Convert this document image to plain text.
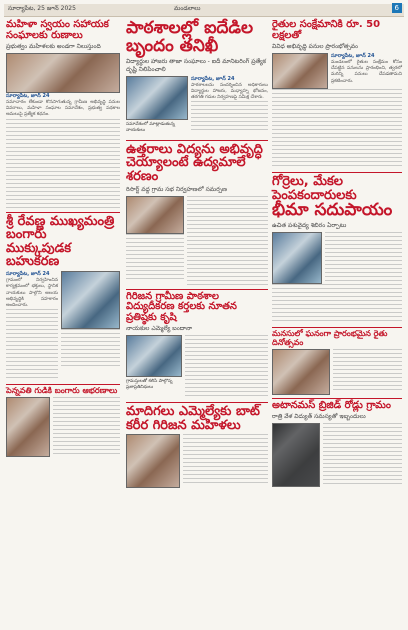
సూర్యాపేట, 25 జూన్ 2025	మండలాలు	6
మహిళా స్వయం సహాయక సంఘాలకు రుణాలు
ప్రభుత్వం మహిళలకు అండగా నిలుస్తుంది
సూర్యాపేట, జూన్ 24

సమాచారం లేకుండా కొనసాగుతున్న గ్రామీణ అభివృద్ధి పనుల వివరాలు, మహిళా సంఘాల సమావేశం, ప్రభుత్వ పథకాల అమలుపై ప్రత్యేక కథనం.

శ్రీ రేవణ్ణ ముఖ్యమంత్రి బంగారు
ముక్కుపుడక బహుకరణ
సూర్యాపేట, జూన్ 24

గ్రామంలో నిర్వహించిన కార్యక్రమంలో భక్తులు, స్థానిక నాయకులు పాల్గొని ఆలయ అభివృద్ధికి సహకారం అందించారు.

పెన్నవతి గుడికి బంగారు ఆభరణాలు
పాఠశాలల్లో ఐదేడిల బృందం తనిఖీ
విద్యార్థుల హాజరు తాజా సంఘాలు - ఐదీ మానిటరింగ్ ప్రత్యేక దృష్టి నిలిపించాలి
సమావేశంలో మాట్లాడుతున్న నాయకులు
సూర్యాపేట, జూన్ 24

పాఠశాలలను సందర్శించిన అధికారులు విద్యార్థుల హాజరు, మధ్యాహ్న భోజనం, తరగతి గదుల నిర్వహణపై సమీక్ష చేశారు.

ఉత్తరాలు విద్యను అభివృద్ధి చెయ్యాలంటే ఉద్యమాలే శరణం
రిసార్ట్ వద్ద గ్రామ సభ నిర్వహణలో సమర్పణ
గిరిజన గ్రామీణ పాఠశాల విద్యుదీకరణ కర్తలకు నూతన ప్రతిష్ఠకు కృషి
నాయకుల ఎమ్మెల్యే బందానా
గ్రామస్తులతో కలిసి పాల్గొన్న ప్రజాప్రతినిధులు
మాదిగలు ఎమ్మెల్యేకు బాట్ కరీర గిరిజన మహిళలు
రైతుల సంక్షేమానికి రూ. 50 లక్షలతో
వివిధ అభివృద్ధి పనుల ప్రారంభోత్సవం
సూర్యాపేట, జూన్ 24

మండలంలో రైతుల సంక్షేమం కోసం చేపట్టిన పనులను ప్రారంభించి, త్వరలో మరిన్ని పనులు చేపడతామని ప్రకటించారు.

గోర్రెలు, మేకల పెంపకందారులకు
భీమా సదుపాయం
ఉచిత పశువైద్య శిబిరం ఏర్పాటు
మనసులో ఘనంగా ప్రారంభమైన రైతు దినోత్సవం
అటానమస్‌ బ్రిజిడ్ రోడ్లు గ్రామం
రాత్రి వేళ విద్యుత్ సమస్యతో ఇబ్బందులు
